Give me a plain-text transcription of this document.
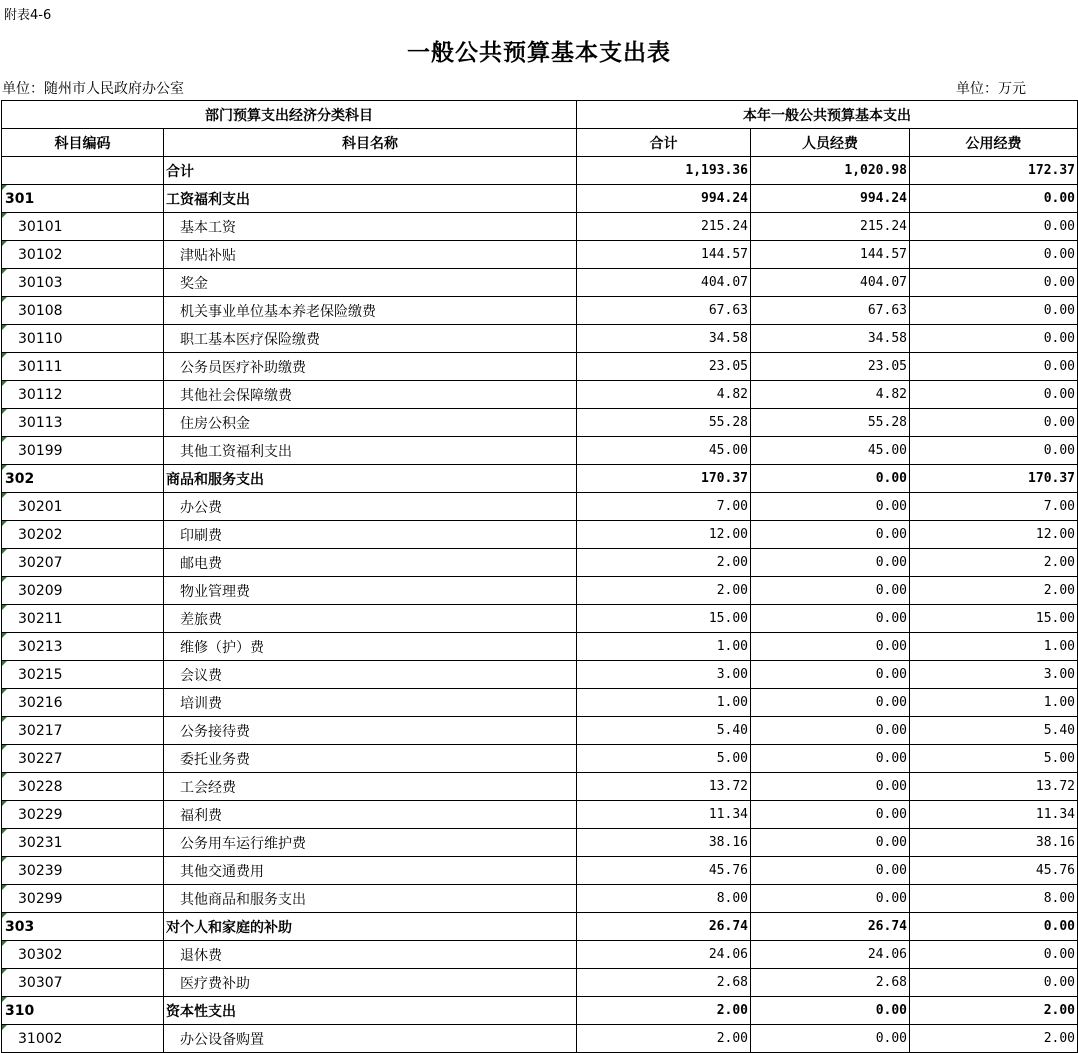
附表4-6
一般公共预算基本支出表
单位：随州市人民政府办公室	单位：万元
部门预算支出经济分类科目		本年一般公共预算基本支出		
科目编码	科目名称	合计	人员经费	公用经费
	合计	1,193.36	1,020.98	172.37
301	工资福利支出	994.24	994.24	0.00
30101	基本工资	215.24	215.24	0.00
30102	津贴补贴	144.57	144.57	0.00
30103	奖金	404.07	404.07	0.00
30108	机关事业单位基本养老保险缴费	67.63	67.63	0.00
30110	职工基本医疗保险缴费	34.58	34.58	0.00
30111	公务员医疗补助缴费	23.05	23.05	0.00
30112	其他社会保障缴费	4.82	4.82	0.00
30113	住房公积金	55.28	55.28	0.00
30199	其他工资福利支出	45.00	45.00	0.00
302	商品和服务支出	170.37	0.00	170.37
30201	办公费	7.00	0.00	7.00
30202	印刷费	12.00	0.00	12.00
30207	邮电费	2.00	0.00	2.00
30209	物业管理费	2.00	0.00	2.00
30211	差旅费	15.00	0.00	15.00
30213	维修（护）费	1.00	0.00	1.00
30215	会议费	3.00	0.00	3.00
30216	培训费	1.00	0.00	1.00
30217	公务接待费	5.40	0.00	5.40
30227	委托业务费	5.00	0.00	5.00
30228	工会经费	13.72	0.00	13.72
30229	福利费	11.34	0.00	11.34
30231	公务用车运行维护费	38.16	0.00	38.16
30239	其他交通费用	45.76	0.00	45.76
30299	其他商品和服务支出	8.00	0.00	8.00
303	对个人和家庭的补助	26.74	26.74	0.00
30302	退休费	24.06	24.06	0.00
30307	医疗费补助	2.68	2.68	0.00
310	资本性支出	2.00	0.00	2.00
31002	办公设备购置	2.00	0.00	2.00
